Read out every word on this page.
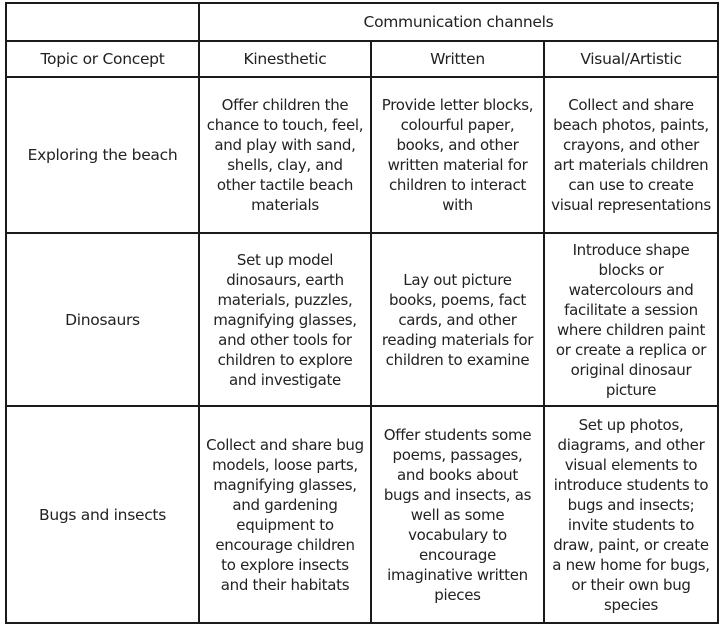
	Communication channels		
Topic or Concept	Kinesthetic	Written	Visual/Artistic
Exploring the beach	Offer children the chance to touch, feel, and play with sand, shells, clay, and other tactile beach materials	Provide letter blocks, colourful paper, books, and other written material for children to interact with	Collect and share beach photos, paints, crayons, and other art materials children can use to create visual representations
Dinosaurs	Set up model dinosaurs, earth materials, puzzles, magnifying glasses, and other tools for children to explore and investigate	Lay out picture books, poems, fact cards, and other reading materials for children to examine	Introduce shape blocks or watercolours and facilitate a session where children paint or create a replica or original dinosaur picture
Bugs and insects	Collect and share bug models, loose parts, magnifying glasses, and gardening equipment to encourage children to explore insects and their habitats	Offer students some poems, passages, and books about bugs and insects, as well as some vocabulary to encourage imaginative written pieces	Set up photos, diagrams, and other visual elements to introduce students to bugs and insects; invite students to draw, paint, or create a new home for bugs, or their own bug species
